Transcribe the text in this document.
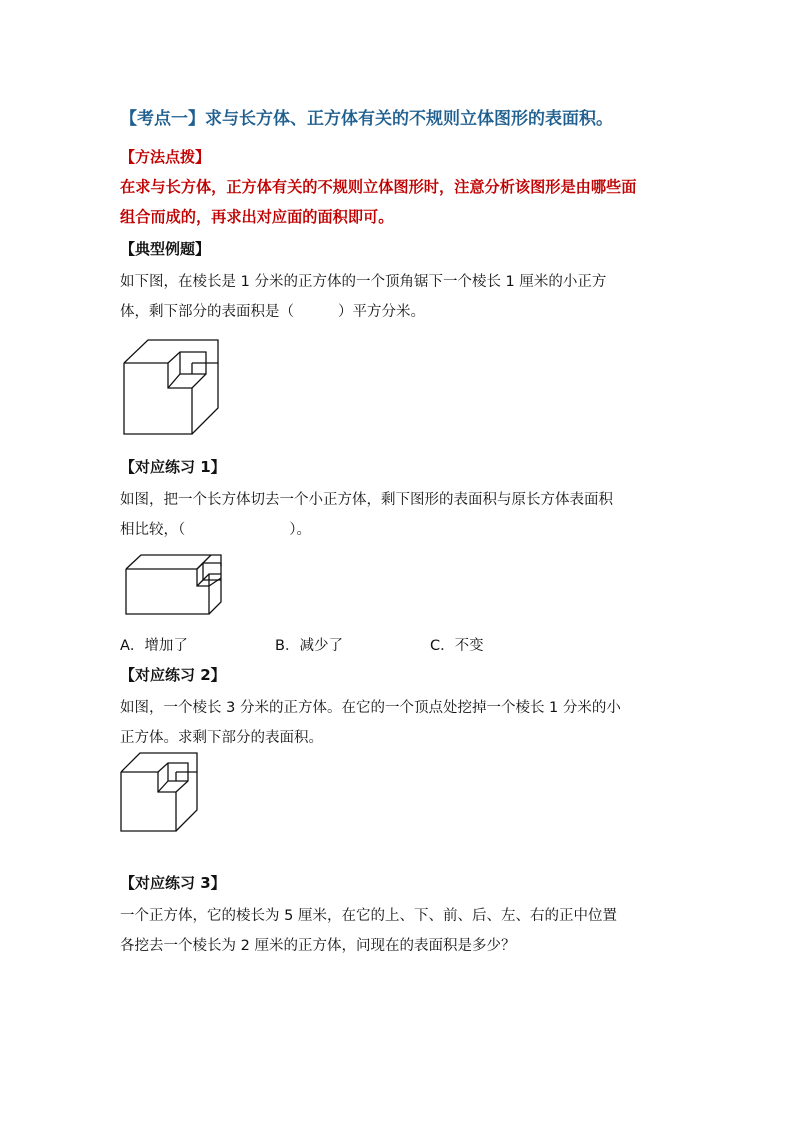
【考点一】求与长方体、正方体有关的不规则立体图形的表面积。
【方法点拨】
在求与长方体，正方体有关的不规则立体图形时，注意分析该图形是由哪些面
组合而成的，再求出对应面的面积即可。
【典型例题】
如下图，在棱长是 1 分米的正方体的一个顶角锯下一个棱长 1 厘米的小正方
体，剩下部分的表面积是（	）平方分米。
【对应练习 1】
如图，把一个长方体切去一个小正方体，剩下图形的表面积与原长方体表面积
相比较，（	）。
A．增加了	B．减少了	C．不变
【对应练习 2】
如图，一个棱长 3 分米的正方体。在它的一个顶点处挖掉一个棱长 1 分米的小
正方体。求剩下部分的表面积。
【对应练习 3】
一个正方体，它的棱长为 5 厘米，在它的上、下、前、后、左、右的正中位置
各挖去一个棱长为 2 厘米的正方体，问现在的表面积是多少？
